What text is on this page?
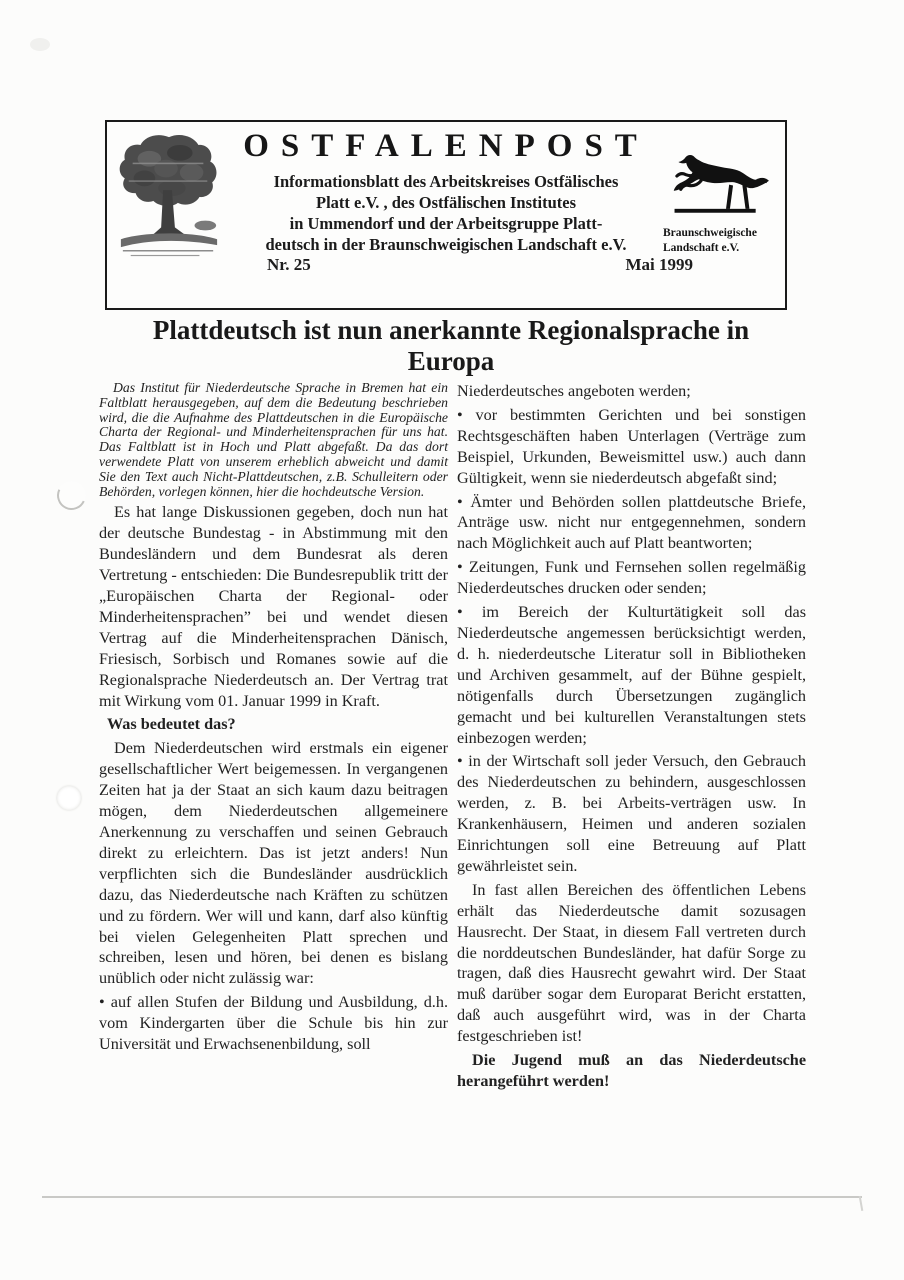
OSTFALENPOST
Informationsblatt des Arbeitskreises Ostfälisches
Platt e.V. , des Ostfälischen Institutes
in Ummendorf und der Arbeitsgruppe Platt-
deutsch in der Braunschweigischen Landschaft e.V.
Nr. 25	Mai 1999
Braunschweigische
Landschaft e.V.
Plattdeutsch ist nun anerkannte Regionalsprache in
Europa

Das Institut für Niederdeutsche Sprache in Bremen hat ein Faltblatt herausgegeben, auf dem die Bedeutung beschrieben wird, die die Aufnahme des Plattdeutschen in die Europäische Charta der Regional- und Minderheitensprachen für uns hat. Das Faltblatt ist in Hoch und Platt abgefaßt. Da das dort verwendete Platt von unserem erheblich abweicht und damit Sie den Text auch Nicht-Plattdeutschen, z.B. Schulleitern oder Behörden, vorlegen können, hier die hochdeutsche Version.

Es hat lange Diskussionen gegeben, doch nun hat der deutsche Bundestag - in Abstimmung mit den Bundesländern und dem Bundesrat als deren Vertretung - entschieden: Die Bundesrepublik tritt der „Europäischen Charta der Regional- oder Minderheitensprachen” bei und wendet diesen Vertrag auf die Minderheitensprachen Dänisch, Friesisch, Sorbisch und Romanes sowie auf die Regionalsprache Niederdeutsch an. Der Vertrag trat mit Wirkung vom 01. Januar 1999 in Kraft.

Was bedeutet das?

Dem Niederdeutschen wird erstmals ein eigener gesellschaftlicher Wert beigemessen. In vergangenen Zeiten hat ja der Staat an sich kaum dazu beitragen mögen, dem Niederdeutschen allgemeinere Anerkennung zu verschaffen und seinen Gebrauch direkt zu erleichtern. Das ist jetzt anders! Nun verpflichten sich die Bundesländer ausdrücklich dazu, das Niederdeutsche nach Kräften zu schützen und zu fördern. Wer will und kann, darf also künftig bei vielen Gelegenheiten Platt sprechen und schreiben, lesen und hören, bei denen es bislang unüblich oder nicht zulässig war:

• auf allen Stufen der Bildung und Ausbildung, d.h. vom Kindergarten über die Schule bis hin zur Universität und Erwachsenenbildung, soll

Niederdeutsches angeboten werden;

• vor bestimmten Gerichten und bei sonstigen Rechtsgeschäften haben Unterlagen (Verträge zum Beispiel, Urkunden, Beweismittel usw.) auch dann Gültigkeit, wenn sie niederdeutsch abgefaßt sind;

• Ämter und Behörden sollen plattdeutsche Briefe, Anträge usw. nicht nur entgegennehmen, sondern nach Möglichkeit auch auf Platt beantworten;

• Zeitungen, Funk und Fernsehen sollen regelmäßig Niederdeutsches drucken oder senden;

• im Bereich der Kulturtätigkeit soll das Niederdeutsche angemessen berücksichtigt werden, d. h. niederdeutsche Literatur soll in Bibliotheken und Archiven gesammelt, auf der Bühne gespielt, nötigenfalls durch Übersetzungen zugänglich gemacht und bei kulturellen Veranstaltungen stets einbezogen werden;

• in der Wirtschaft soll jeder Versuch, den Gebrauch des Niederdeutschen zu behindern, ausgeschlossen werden, z. B. bei Arbeits-verträgen usw. In Krankenhäusern, Heimen und anderen sozialen Einrichtungen soll eine Betreuung auf Platt gewährleistet sein.

In fast allen Bereichen des öffentlichen Lebens erhält das Niederdeutsche damit sozusagen Hausrecht. Der Staat, in diesem Fall vertreten durch die norddeutschen Bundesländer, hat dafür Sorge zu tragen, daß dies Hausrecht gewahrt wird. Der Staat muß darüber sogar dem Europarat Bericht erstatten, daß auch ausgeführt wird, was in der Charta festgeschrieben ist!

Die Jugend muß an das Niederdeutsche herangeführt werden!
